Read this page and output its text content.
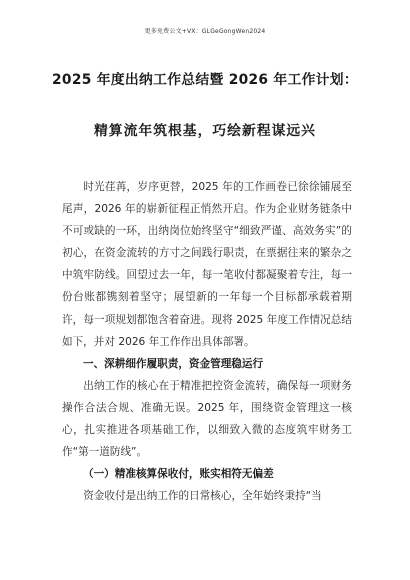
更多免费公文+VX：GLGeGongWen2024
2025 年度出纳工作总结暨 2026 年工作计划：
精算流年筑根基，巧绘新程谋远兴

时光荏苒，岁序更替，2025 年的工作画卷已徐徐铺展至尾声，2026 年的崭新征程正悄然开启。作为企业财务链条中不可或缺的一环，出纳岗位始终坚守“细致严谨、高效务实”的初心，在资金流转的方寸之间践行职责，在票据往来的繁杂之中筑牢防线。回望过去一年，每一笔收付都凝聚着专注，每一份台账都镌刻着坚守；展望新的一年每一个目标都承载着期许，每一项规划都饱含着奋进。现将 2025 年度工作情况总结如下，并对 2026 年工作作出具体部署。

一、深耕细作履职责，资金管理稳运行

出纳工作的核心在于精准把控资金流转，确保每一项财务操作合法合规、准确无误。2025 年，围绕资金管理这一核心，扎实推进各项基础工作，以细致入微的态度筑牢财务工作“第一道防线”。

（一）精准核算保收付，账实相符无偏差

资金收付是出纳工作的日常核心，全年始终秉持“当
